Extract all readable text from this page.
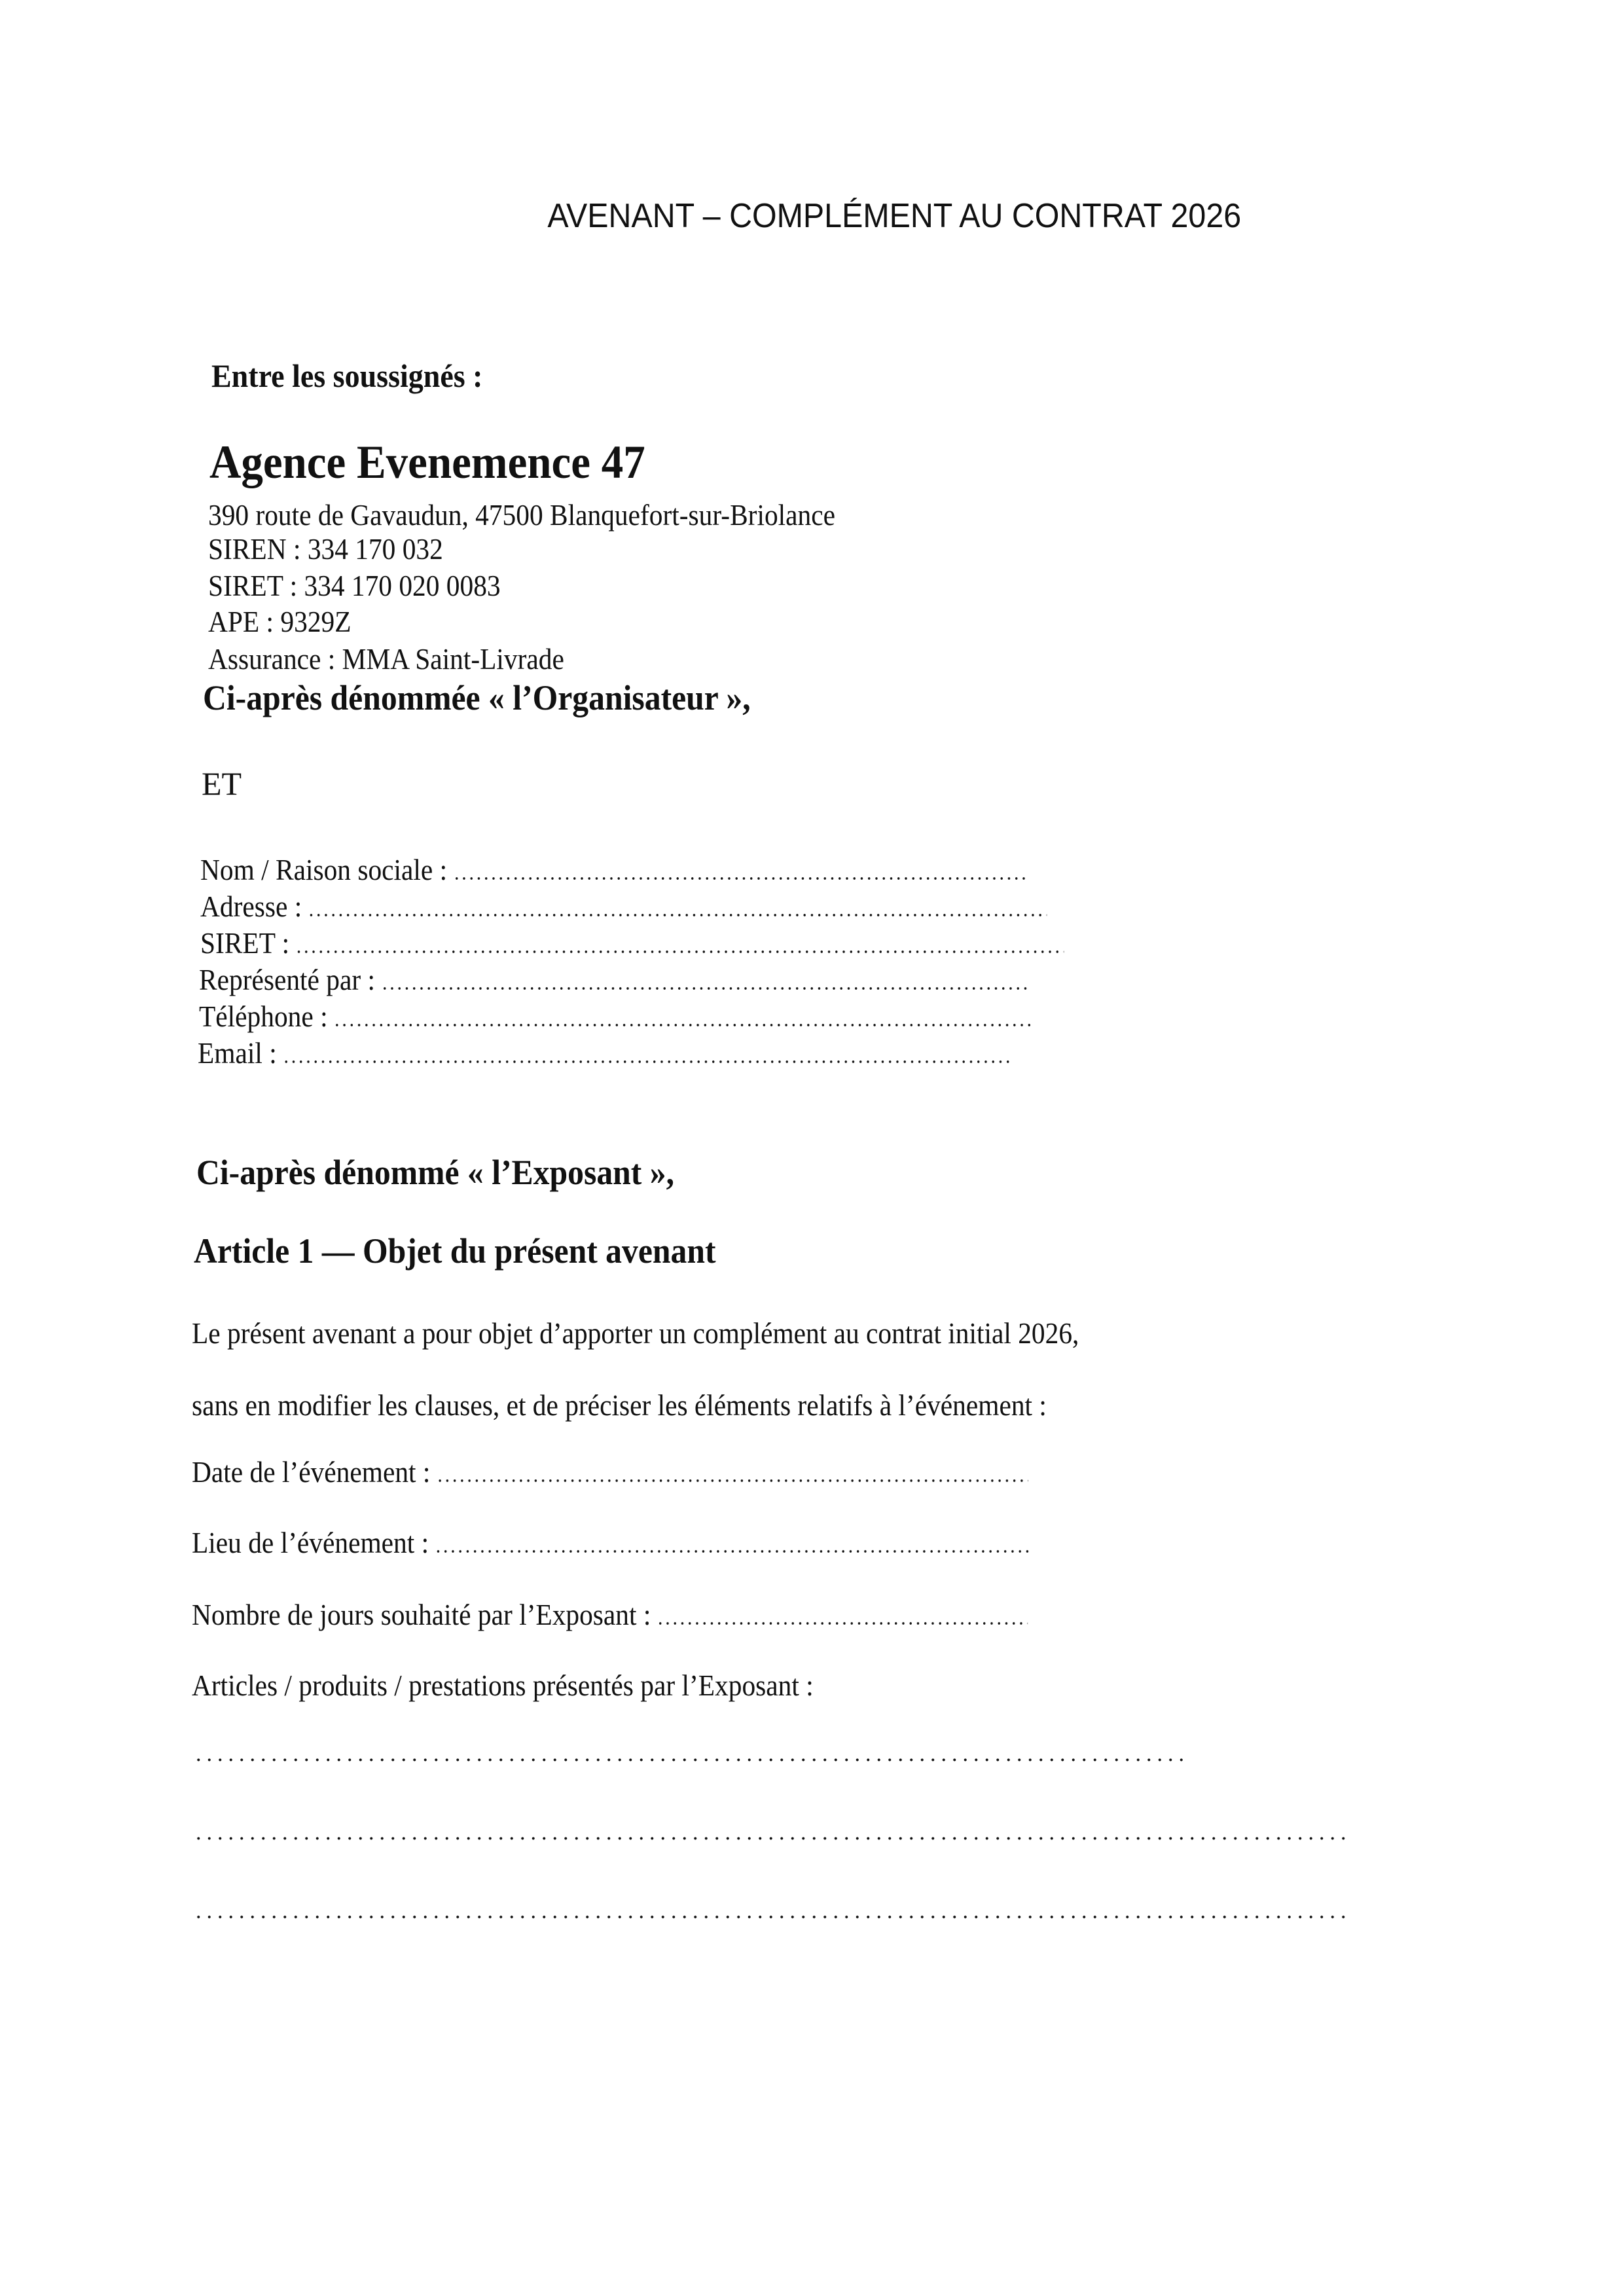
AVENANT – COMPLÉMENT AU CONTRAT 2026
Entre les soussignés :
Agence Evenemence 47
390 route de Gavaudun, 47500 Blanquefort-sur-Briolance
SIREN : 334 170 032
SIRET : 334 170 020 0083
APE : 9329Z
Assurance : MMA Saint-Livrade
Ci-après dénommée « l’Organisateur »,
ET
Nom / Raison sociale :
Adresse :
SIRET :
Représenté par :
Téléphone :
Email :
Ci-après dénommé « l’Exposant »,
Article 1 — Objet du présent avenant
Le présent avenant a pour objet d’apporter un complément au contrat initial 2026,
sans en modifier les clauses, et de préciser les éléments relatifs à l’événement :
Date de l’événement :
Lieu de l’événement :
Nombre de jours souhaité par l’Exposant :
Articles / produits / prestations présentés par l’Exposant :
